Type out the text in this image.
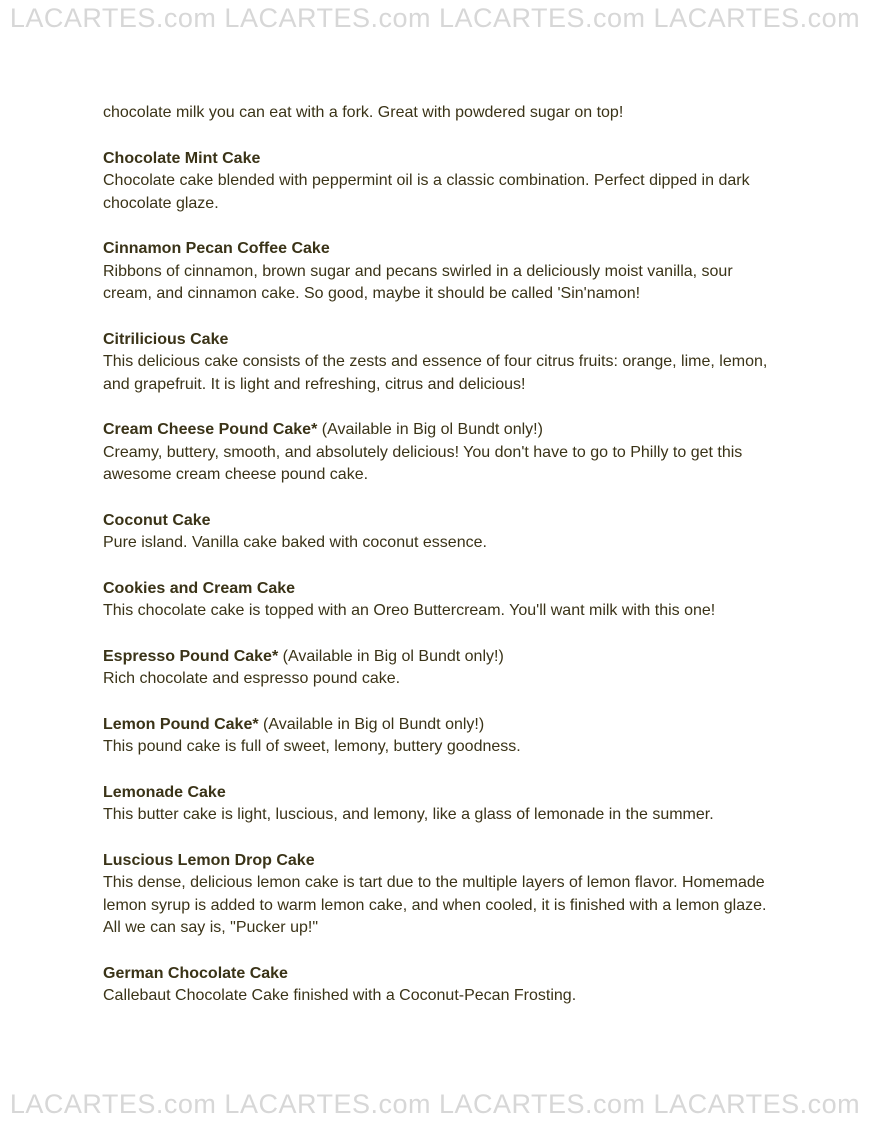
LACARTES.com LACARTES.com LACARTES.com LACARTES.com

chocolate milk you can eat with a fork. Great with powdered sugar on top!

Chocolate Mint Cake
Chocolate cake blended with peppermint oil is a classic combination. Perfect dipped in dark chocolate glaze.
Cinnamon Pecan Coffee Cake
Ribbons of cinnamon, brown sugar and pecans swirled in a deliciously moist vanilla, sour cream, and cinnamon cake. So good, maybe it should be called 'Sin'namon!
Citrilicious Cake
This delicious cake consists of the zests and essence of four citrus fruits: orange, lime, lemon, and grapefruit. It is light and refreshing, citrus and delicious!
Cream Cheese Pound Cake* (Available in Big ol Bundt only!)
Creamy, buttery, smooth, and absolutely delicious! You don't have to go to Philly to get this awesome cream cheese pound cake.
Coconut Cake
Pure island. Vanilla cake baked with coconut essence.
Cookies and Cream Cake
This chocolate cake is topped with an Oreo Buttercream. You'll want milk with this one!
Espresso Pound Cake* (Available in Big ol Bundt only!)
Rich chocolate and espresso pound cake.
Lemon Pound Cake* (Available in Big ol Bundt only!)
This pound cake is full of sweet, lemony, buttery goodness.
Lemonade Cake
This butter cake is light, luscious, and lemony, like a glass of lemonade in the summer.
Luscious Lemon Drop Cake
This dense, delicious lemon cake is tart due to the multiple layers of lemon flavor. Homemade lemon syrup is added to warm lemon cake, and when cooled, it is finished with a lemon glaze. All we can say is, "Pucker up!"
German Chocolate Cake
Callebaut Chocolate Cake finished with a Coconut-Pecan Frosting.
LACARTES.com LACARTES.com LACARTES.com LACARTES.com
